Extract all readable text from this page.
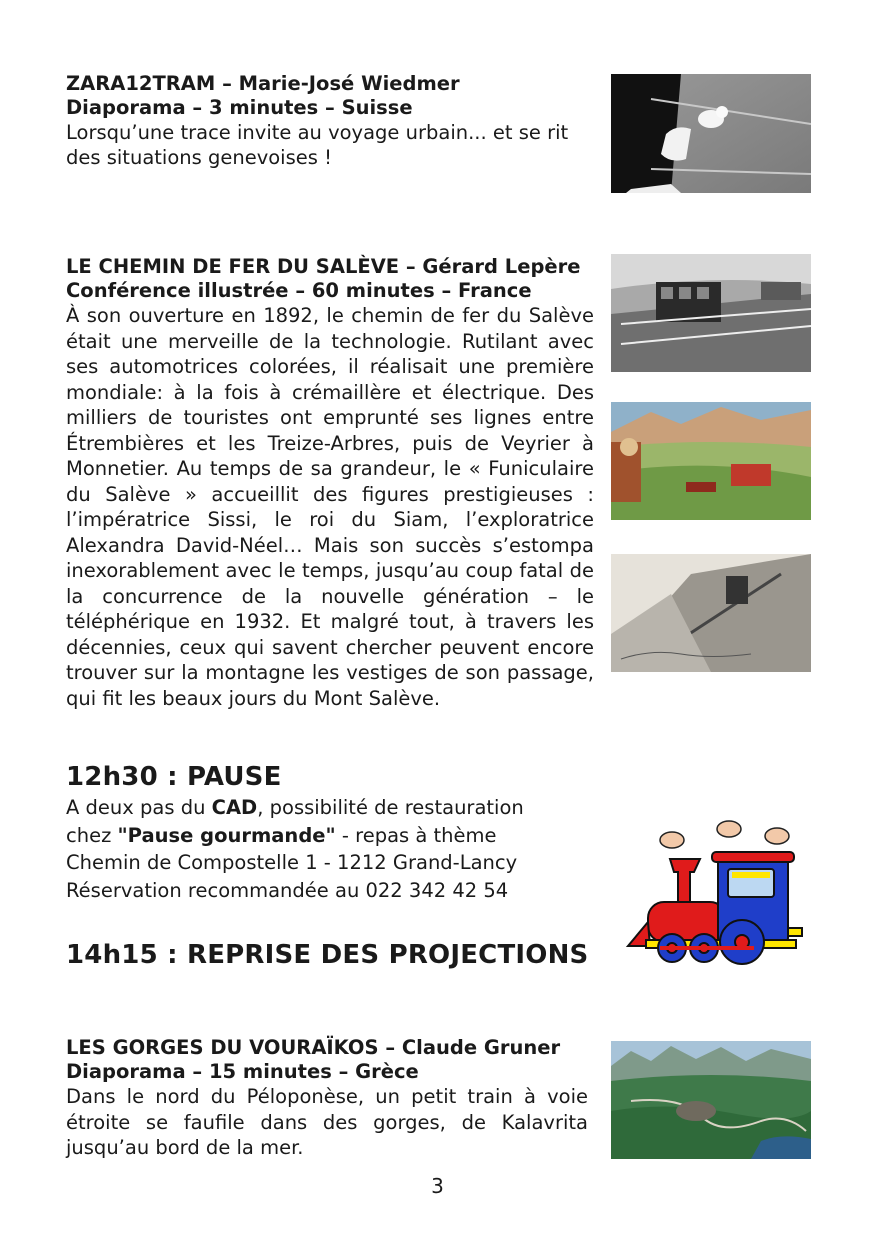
ZARA12TRAM – Marie-José Wiedmer
Diaporama – 3 minutes – Suisse
Lorsqu’une trace invite au voyage urbain... et se rit des situations genevoises !
LE CHEMIN DE FER DU SALÈVE – Gérard Lepère
Conférence illustrée – 60 minutes – France
À son ouverture en 1892, le chemin de fer du Salève était une merveille de la technologie. Rutilant avec ses automotrices colorées, il réalisait une première mondiale: à la fois à crémaillère et électrique. Des milliers de touristes ont emprunté ses lignes entre Étrembières et les Treize-Arbres, puis de Veyrier à Monnetier. Au temps de sa grandeur, le « Funiculaire du Salève » accueillit des figures prestigieuses : l’impératrice Sissi, le roi du Siam, l’exploratrice Alexandra David-Néel… Mais son succès s’estompa inexorablement avec le temps, jusqu’au coup fatal de la concurrence de la nouvelle génération – le téléphérique en 1932. Et malgré tout, à travers les décennies, ceux qui savent chercher peuvent encore trouver sur la montagne les vestiges de son passage, qui fit les beaux jours du Mont Salève.
12h30 : PAUSE
A deux pas du CAD, possibilité de restauration
chez "Pause gourmande" - repas à thème
Chemin de Compostelle 1 - 1212 Grand-Lancy
Réservation recommandée au 022 342 42 54
14h15 : REPRISE DES PROJECTIONS
LES GORGES DU VOURAÏKOS – Claude Gruner
Diaporama – 15 minutes – Grèce
Dans le nord du Péloponèse, un petit train à voie étroite se faufile dans des gorges, de Kalavrita jusqu’au bord de la mer.
3
